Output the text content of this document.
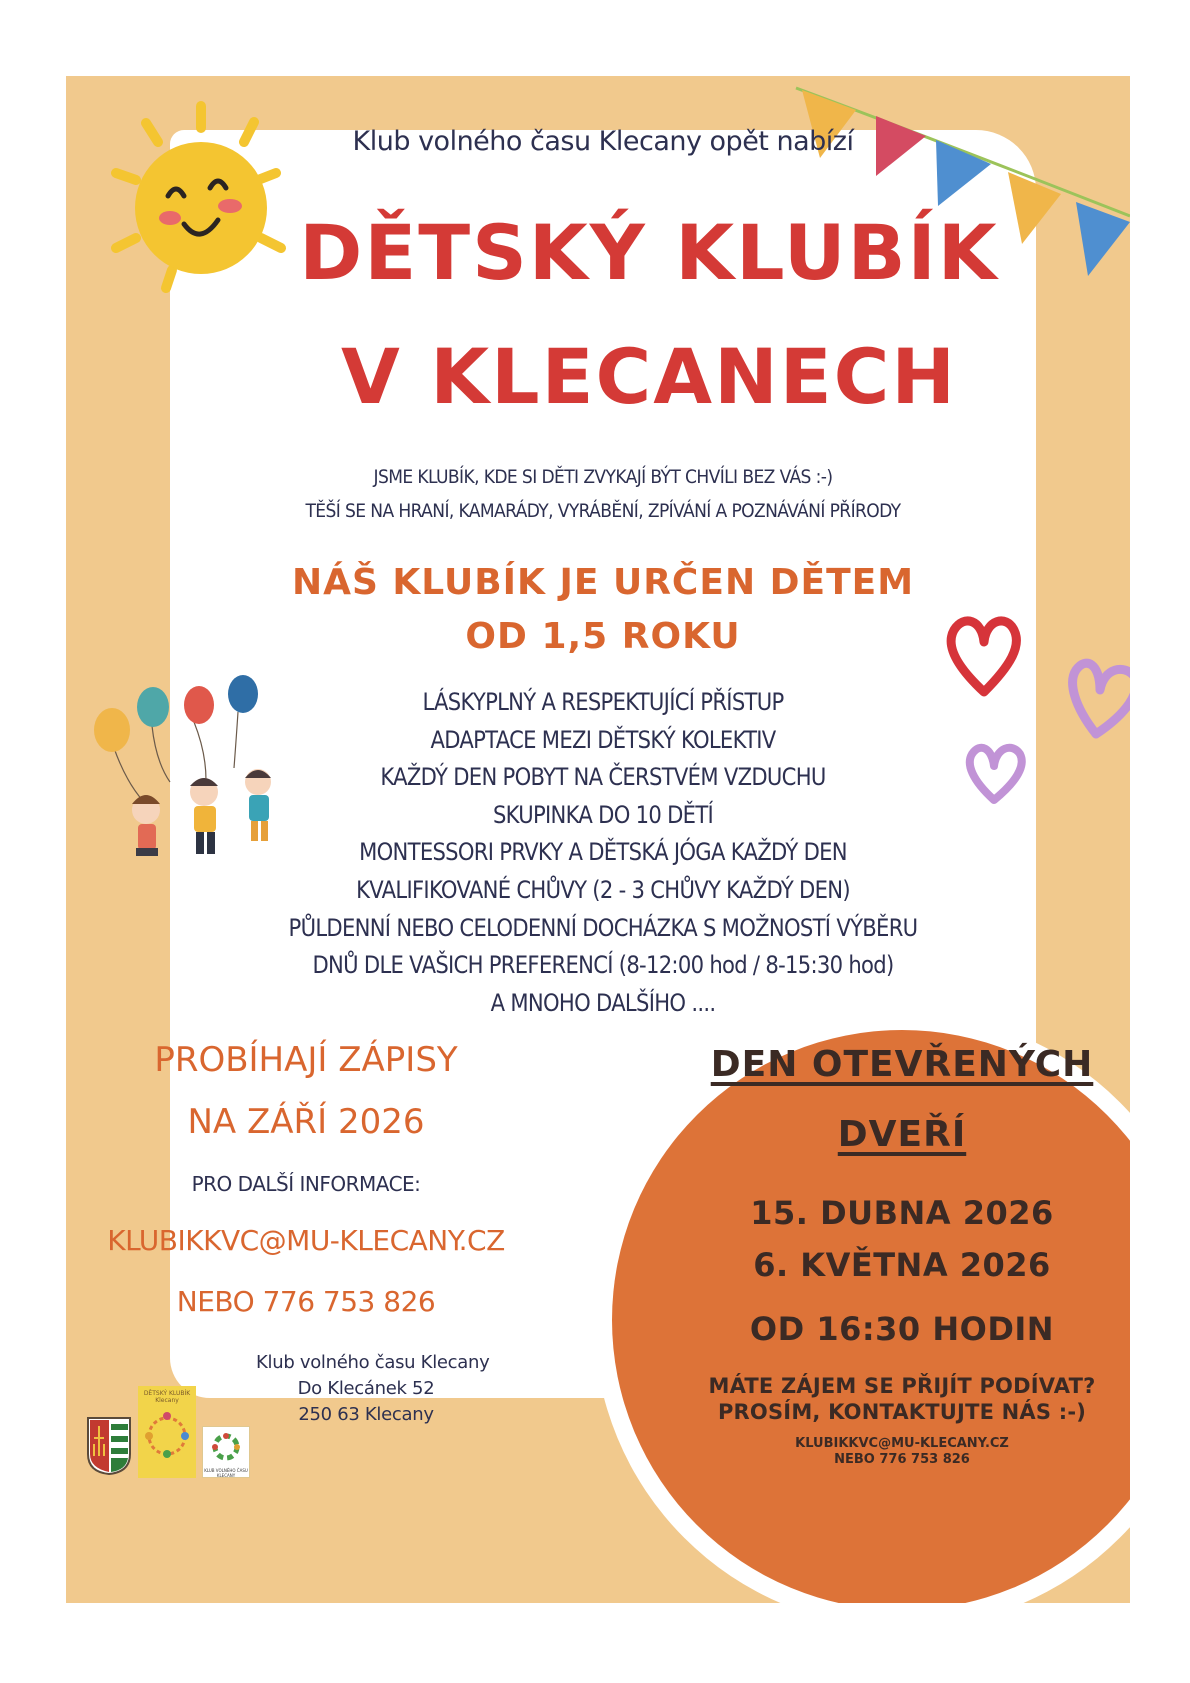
Klub volného času Klecany opět nabízí
DĚTSKÝ KLUBÍK
V KLECANECH
JSME KLUBÍK, KDE SI DĚTI ZVYKAJÍ BÝT CHVÍLI BEZ VÁS :-)
TĚŠÍ SE NA HRANÍ, KAMARÁDY, VYRÁBĚNÍ, ZPÍVÁNÍ A POZNÁVÁNÍ PŘÍRODY
NÁŠ KLUBÍK JE URČEN DĚTEM
OD 1,5 ROKU
LÁSKYPLNÝ A RESPEKTUJÍCÍ PŘÍSTUP
ADAPTACE MEZI DĚTSKÝ KOLEKTIV
KAŽDÝ DEN POBYT NA ČERSTVÉM VZDUCHU
SKUPINKA DO 10 DĚTÍ
MONTESSORI PRVKY A DĚTSKÁ JÓGA KAŽDÝ DEN
KVALIFIKOVANÉ CHŮVY (2 - 3 CHŮVY KAŽDÝ DEN)
PŮLDENNÍ NEBO CELODENNÍ DOCHÁZKA S MOŽNOSTÍ VÝBĚRU
DNŮ DLE VAŠICH PREFERENCÍ (8-12:00 hod / 8-15:30 hod)
A MNOHO DALŠÍHO ....
PROBÍHAJÍ ZÁPISY
NA ZÁŘÍ 2026
PRO DALŠÍ INFORMACE:
KLUBIKKVC@MU-KLECANY.CZ
NEBO 776 753 826
Klub volného času Klecany
Do Klecánek 52
250 63 Klecany
DĚTSKÝ KLUBÍK
Klecany
KLUB VOLNÉHO ČASU KLECANY
DEN OTEVŘENÝCH
DVEŘÍ
15. DUBNA 2026
6. KVĚTNA 2026
OD 16:30 HODIN
MÁTE ZÁJEM SE PŘIJÍT PODÍVAT?
PROSÍM, KONTAKTUJTE NÁS :-)
KLUBIKKVC@MU-KLECANY.CZ
NEBO 776 753 826
